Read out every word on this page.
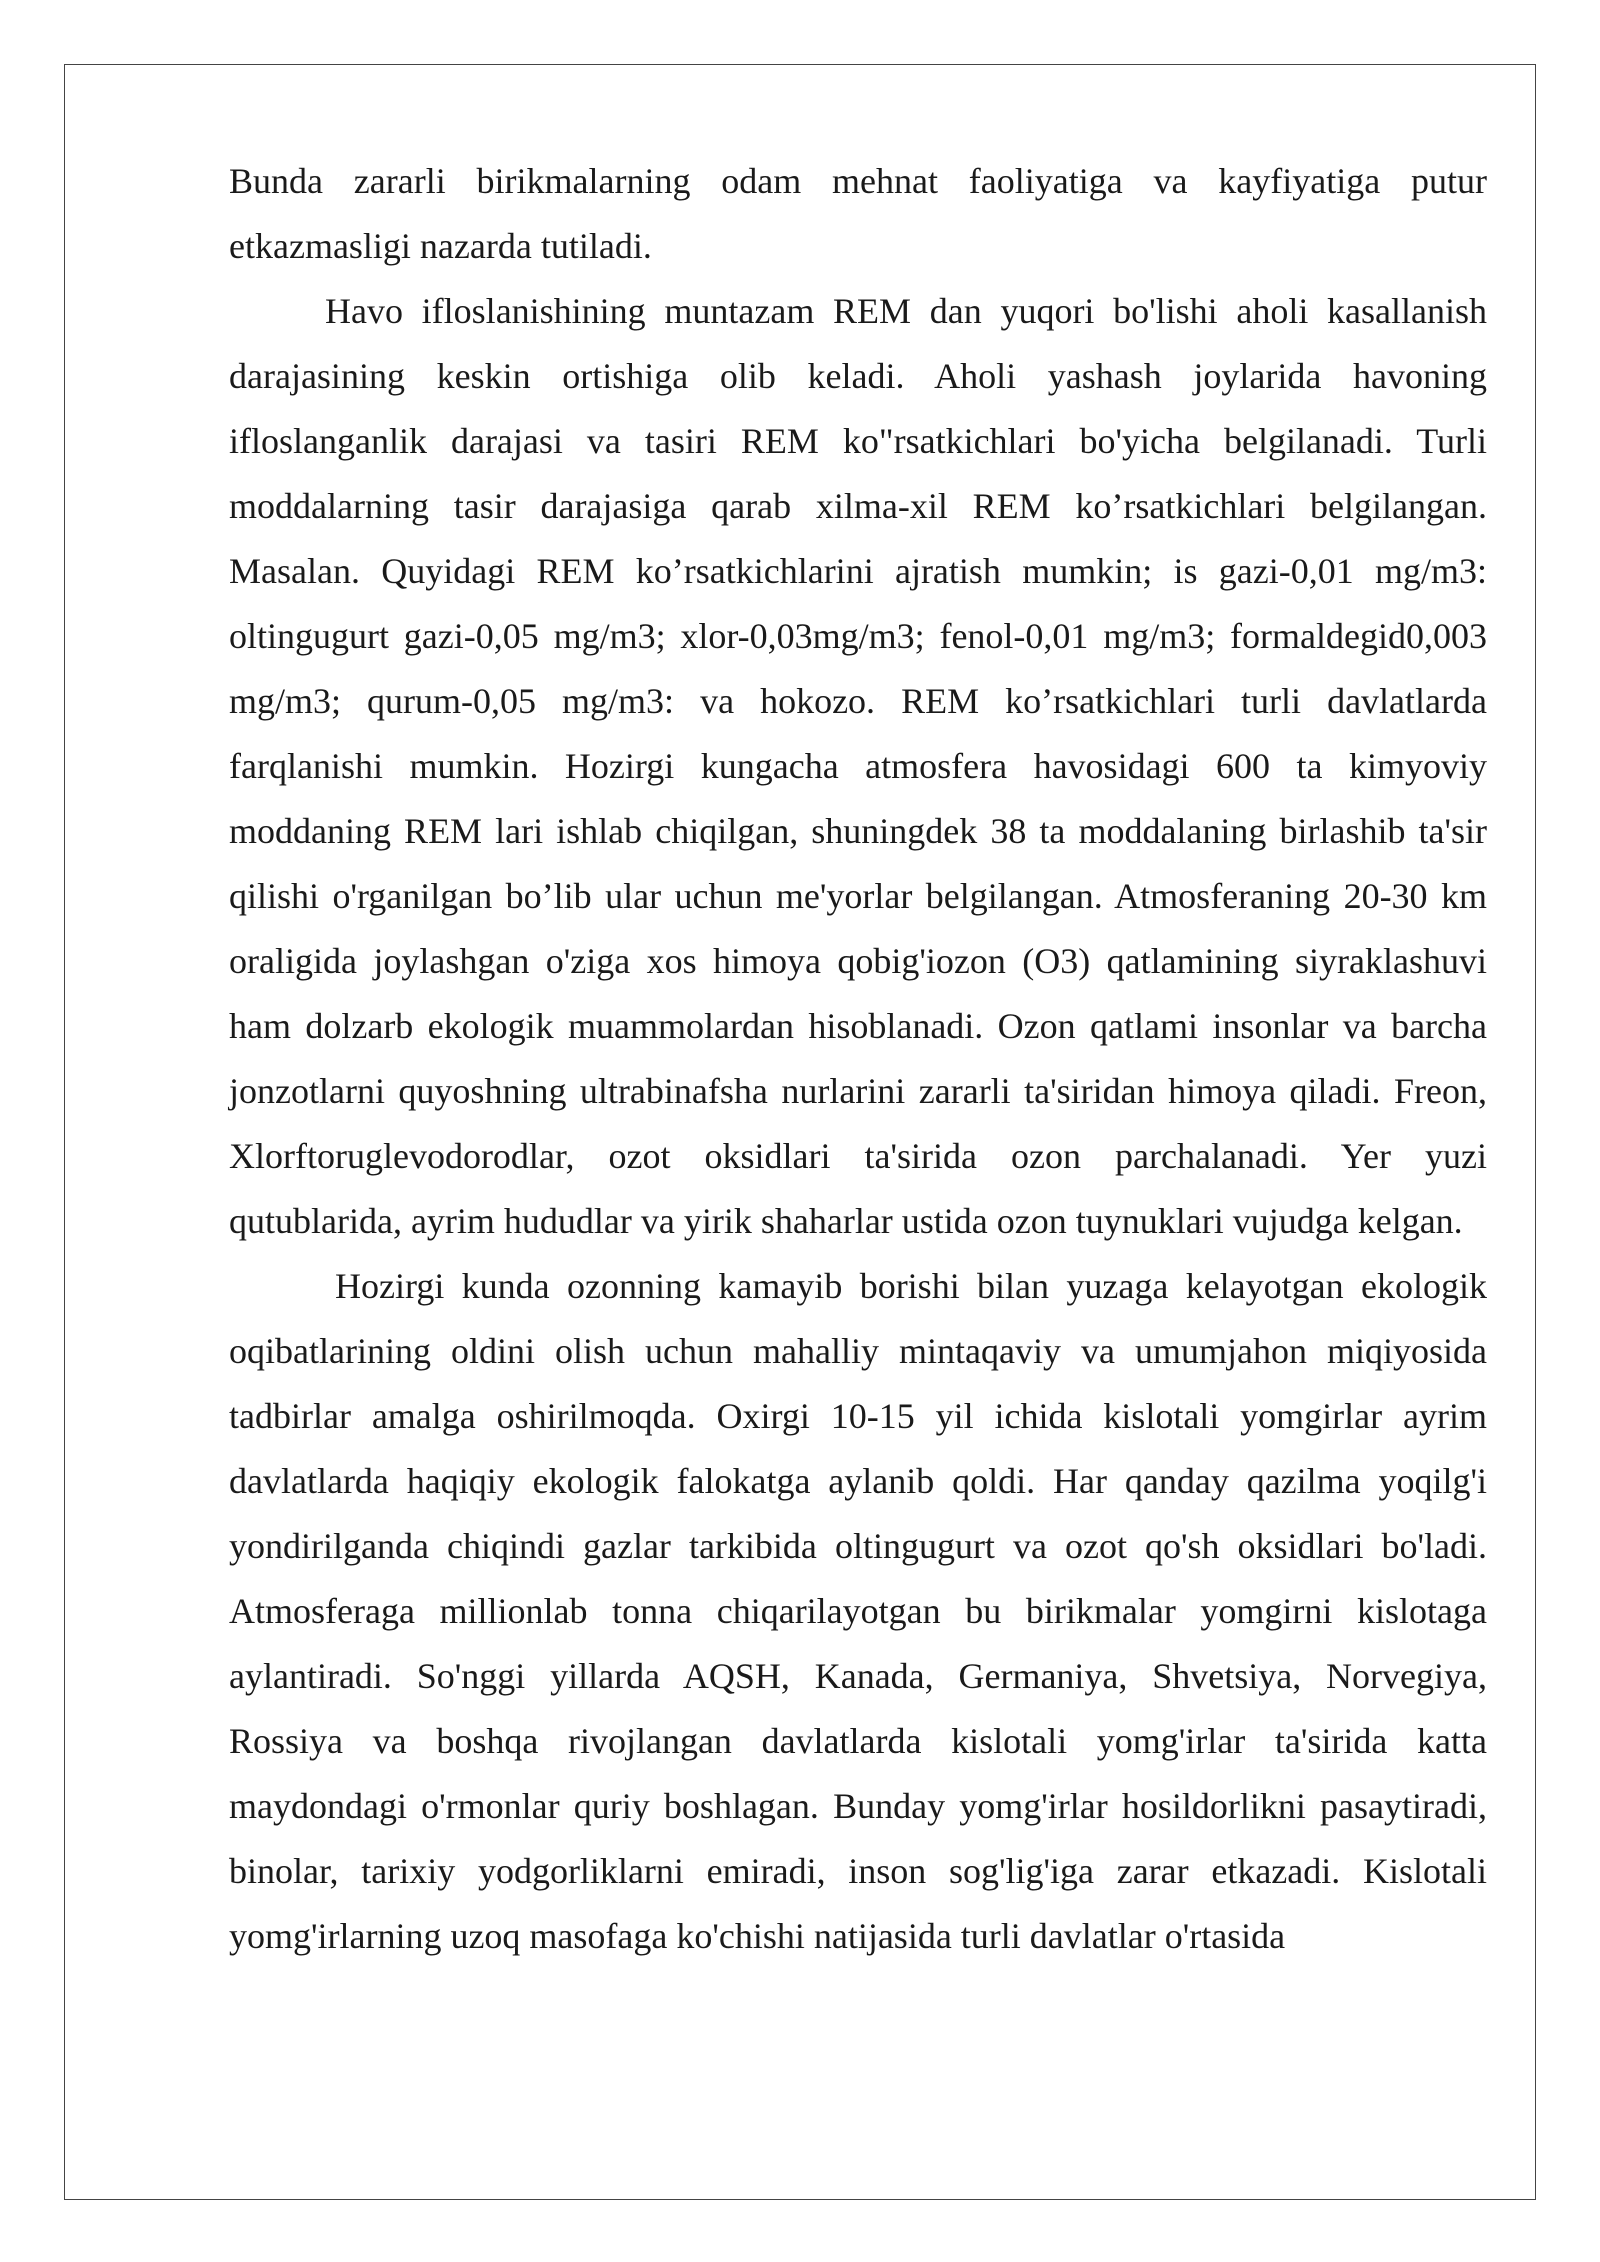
Bunda zararli birikmalarning odam mehnat faoliyatiga va kayfiyatiga putur etkazmasligi nazarda tutiladi.

Havo ifloslanishining muntazam REM dan yuqori bo'lishi aholi kasallanish darajasining keskin ortishiga olib keladi. Aholi yashash joylarida havoning ifloslanganlik darajasi va tasiri REM ko"rsatkichlari bo'yicha belgilanadi. Turli moddalarning tasir darajasiga qarab xilma-xil REM ko’rsatkichlari belgilangan. Masalan. Quyidagi REM ko’rsatkichlarini ajratish mumkin; is gazi-0,01 mg/m3: oltingugurt gazi-0,05 mg/m3; xlor-0,03mg/m3; fenol-0,01 mg/m3; formaldegid0,003 mg/m3; qurum-0,05 mg/m3: va hokozo. REM ko’rsatkichlari turli davlatlarda farqlanishi mumkin. Hozirgi kungacha atmosfera havosidagi 600 ta kimyoviy moddaning REM lari ishlab chiqilgan, shuningdek 38 ta moddalaning birlashib ta'sir qilishi o'rganilgan bo’lib ular uchun me'yorlar belgilangan. Atmosferaning 20-30 km oraligida joylashgan o'ziga xos himoya qobig'iozon (O3) qatlamining siyraklashuvi ham dolzarb ekologik muammolardan hisoblanadi. Ozon qatlami insonlar va barcha jonzotlarni quyoshning ultrabinafsha nurlarini zararli ta'siridan himoya qiladi. Freon, Xlorftoruglevodorodlar, ozot oksidlari ta'sirida ozon parchalanadi. Yer yuzi qutublarida, ayrim hududlar va yirik shaharlar ustida ozon tuynuklari vujudga kelgan.

Hozirgi kunda ozonning kamayib borishi bilan yuzaga kelayotgan ekologik oqibatlarining oldini olish uchun mahalliy mintaqaviy va umumjahon miqiyosida tadbirlar amalga oshirilmoqda. Oxirgi 10-15 yil ichida kislotali yomgirlar ayrim davlatlarda haqiqiy ekologik falokatga aylanib qoldi. Har qanday qazilma yoqilg'i yondirilganda chiqindi gazlar tarkibida oltingugurt va ozot qo'sh oksidlari bo'ladi. Atmosferaga millionlab tonna chiqarilayotgan bu birikmalar yomgirni kislotaga aylantiradi. So'nggi yillarda AQSH, Kanada, Germaniya, Shvetsiya, Norvegiya, Rossiya va boshqa rivojlangan davlatlarda kislotali yomg'irlar ta'sirida katta maydondagi o'rmonlar quriy boshlagan. Bunday yomg'irlar hosildorlikni pasaytiradi, binolar, tarixiy yodgorliklarni emiradi, inson sog'lig'iga zarar etkazadi. Kislotali yomg'irlarning uzoq masofaga ko'chishi natijasida turli davlatlar o'rtasida
